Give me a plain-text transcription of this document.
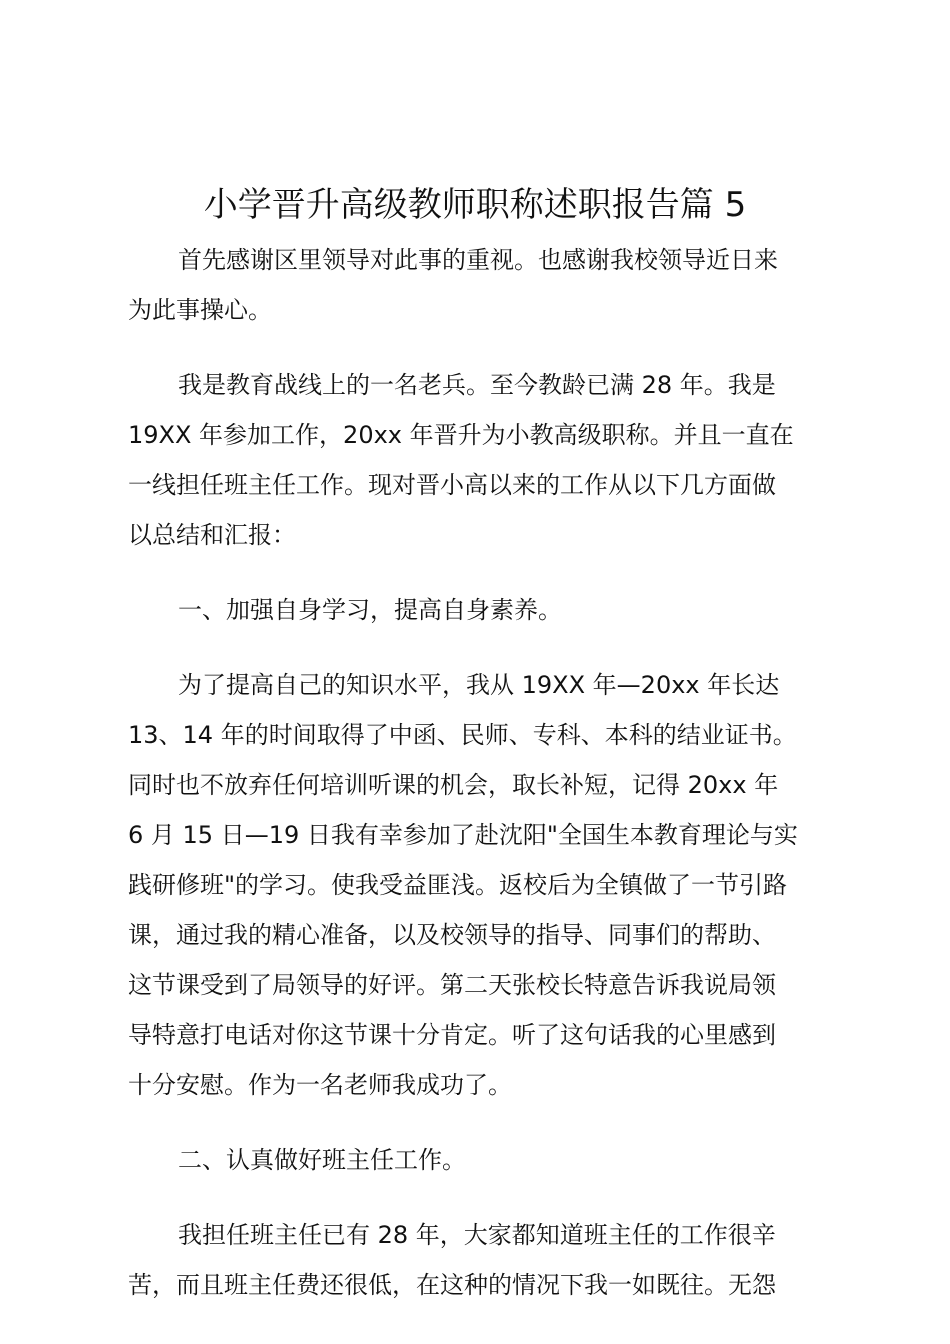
小学晋升高级教师职称述职报告篇 5

首先感谢区里领导对此事的重视。也感谢我校领导近日来
为此事操心。

我是教育战线上的一名老兵。至今教龄已满 28 年。我是
19XX 年参加工作，20xx 年晋升为小教高级职称。并且一直在
一线担任班主任工作。现对晋小高以来的工作从以下几方面做
以总结和汇报：

一、加强自身学习，提高自身素养。

为了提高自己的知识水平，我从 19XX 年—20xx 年长达
13、14 年的时间取得了中函、民师、专科、本科的结业证书。
同时也不放弃任何培训听课的机会，取长补短，记得 20xx 年
6 月 15 日—19 日我有幸参加了赴沈阳"全国生本教育理论与实
践研修班"的学习。使我受益匪浅。返校后为全镇做了一节引路
课，通过我的精心准备，以及校领导的指导、同事们的帮助、
这节课受到了局领导的好评。第二天张校长特意告诉我说局领
导特意打电话对你这节课十分肯定。听了这句话我的心里感到
十分安慰。作为一名老师我成功了。

二、认真做好班主任工作。

我担任班主任已有 28 年，大家都知道班主任的工作很辛
苦，而且班主任费还很低，在这种的情况下我一如既往。无怨
